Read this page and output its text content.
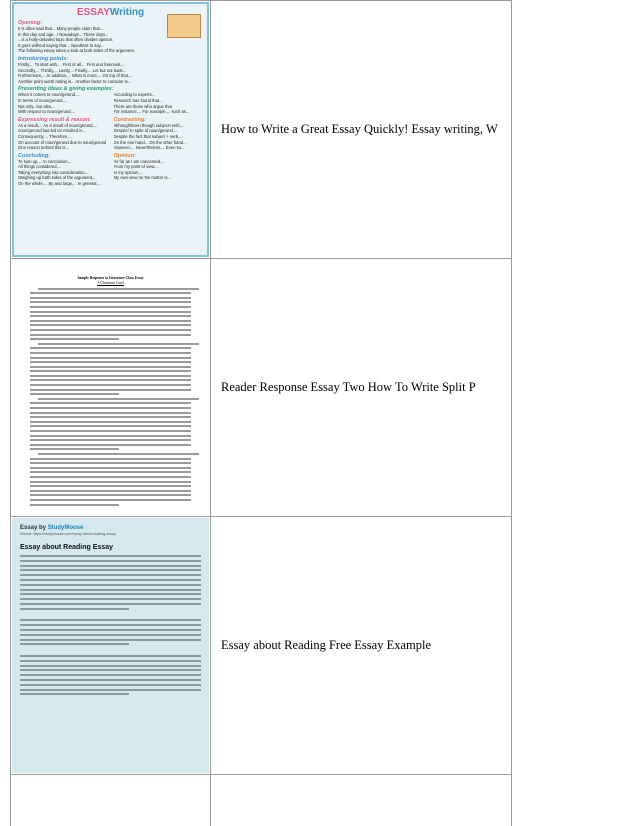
ESSAYWriting
Opening:

It is often said that... Many people claim that...

In this day and age.../ Nowadays... These days...

...is a hotly-debated topic that often divides opinion.

It goes without saying that... Needless to say...

The following essay takes a look at both sides of the argument.

Introducing points:

Firstly,... To start with,... First of all,... First and foremost,...

Secondly,... Thirdly,... Lastly,... Finally,... Let but not least...

Furthermore,... In addition,... What is more,... On top of that,...

Another point worth noting is... Another factor to consider is...

Presenting ideas & giving examples:

When it comes to noun/gerund,...

In terms of noun/gerund,...

Not only...but also...

With respect to noun/gerund,...

According to experts...

Research has found that...

There are those who argue that

For instance,... For example,... such as...

Expressing result & reason:

As a result,... As a result of noun/gerund,...

noun/gerund has led to/ resulted in...

Consequently,... Therefore,...

On account of noun/gerund due to noun/gerund

One reason behind this is...

Contrasting:

Although/Even though subject+verb,...

Despite/ In spite of noun/gerund,...

Despite the fact that subject + verb,...

On the one hand... On the other hand...

However,... Nevertheless,... Even so...

Concluding:

To sum up,... In conclusion,...

All things considered,...

Taking everything into consideration,...

Weighing up both sides of the argument,...

On the whole,... By and large,... In general,...

Opinion:

As far as I am concerned,...

From my point of view,...

In my opinion,...

My own view on the matter is...

How to Write a Great Essay Quickly! Essay writing, W
Sample Response to Literature Class Essay
A Christmas Carol
Reader Response Essay Two How To Write Split P
Essay by StudyMoose
Source: https://studymoose.com/essay-about-reading-essay
Essay about Reading Essay
Essay about Reading Free Essay Example
